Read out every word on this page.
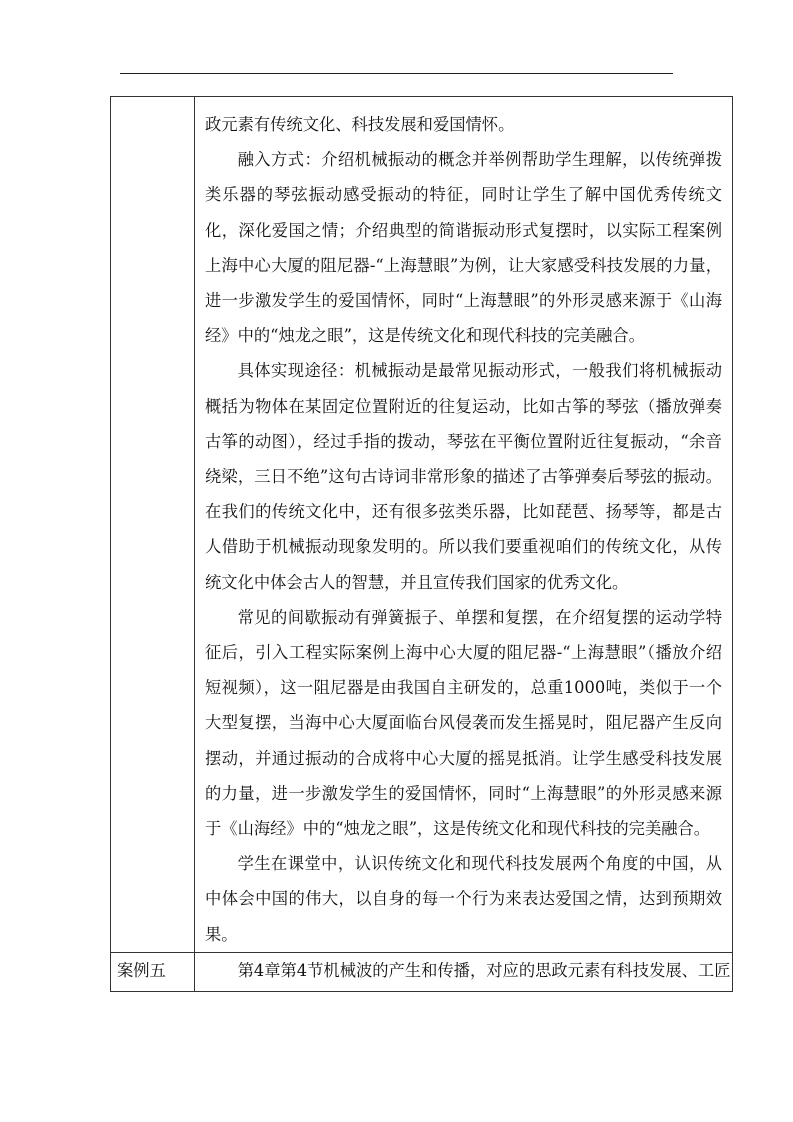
	政元素有传统文化、科技发展和爱国情怀。

融入方式：介绍机械振动的概念并举例帮助学生理解，以传统弹拨类乐器的琴弦振动感受振动的特征，同时让学生了解中国优秀传统文化，深化爱国之情；介绍典型的简谐振动形式复摆时，以实际工程案例上海中心大厦的阻尼器-“上海慧眼”为例，让大家感受科技发展的力量，进一步激发学生的爱国情怀，同时“上海慧眼”的外形灵感来源于《山海经》中的“烛龙之眼”，这是传统文化和现代科技的完美融合。

具体实现途径：机械振动是最常见振动形式，一般我们将机械振动概括为物体在某固定位置附近的往复运动，比如古筝的琴弦（播放弹奏古筝的动图），经过手指的拨动，琴弦在平衡位置附近往复振动，“余音绕梁，三日不绝”这句古诗词非常形象的描述了古筝弹奏后琴弦的振动。在我们的传统文化中，还有很多弦类乐器，比如琵琶、扬琴等，都是古人借助于机械振动现象发明的。所以我们要重视咱们的传统文化，从传统文化中体会古人的智慧，并且宣传我们国家的优秀文化。

常见的间歇振动有弹簧振子、单摆和复摆，在介绍复摆的运动学特征后，引入工程实际案例上海中心大厦的阻尼器-“上海慧眼”（播放介绍短视频），这一阻尼器是由我国自主研发的，总重1000吨，类似于一个大型复摆，当海中心大厦面临台风侵袭而发生摇晃时，阻尼器产生反向摆动，并通过振动的合成将中心大厦的摇晃抵消。让学生感受科技发展的力量，进一步激发学生的爱国情怀，同时“上海慧眼”的外形灵感来源于《山海经》中的“烛龙之眼”，这是传统文化和现代科技的完美融合。

学生在课堂中，认识传统文化和现代科技发展两个角度的中国，从中体会中国的伟大，以自身的每一个行为来表达爱国之情，达到预期效果。

案例五	第4章第4节机械波的产生和传播，对应的思政元素有科技发展、工匠
